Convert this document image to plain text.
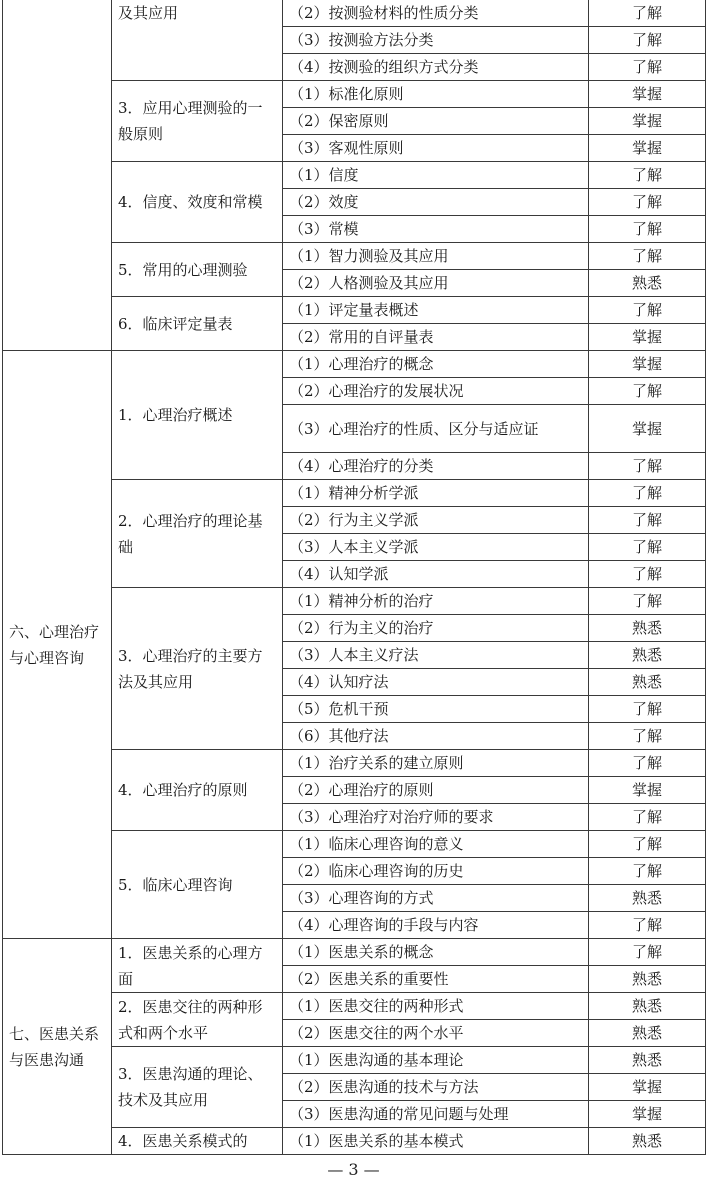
	及其应用	（2）按测验材料的性质分类	了解
		（3）按测验方法分类	了解
		（4）按测验的组织方式分类	了解
	3．应用心理测验的一般原则	（1）标准化原则	掌握
		（2）保密原则	掌握
		（3）客观性原则	掌握
	4．信度、效度和常模	（1）信度	了解
		（2）效度	了解
		（3）常模	了解
	5．常用的心理测验	（1）智力测验及其应用	了解
		（2）人格测验及其应用	熟悉
	6．临床评定量表	（1）评定量表概述	了解
		（2）常用的自评量表	掌握
六、心理治疗与心理咨询	1．心理治疗概述	（1）心理治疗的概念	掌握
		（2）心理治疗的发展状况	了解
		（3）心理治疗的性质、区分与适应证	掌握
		（4）心理治疗的分类	了解
	2．心理治疗的理论基础	（1）精神分析学派	了解
		（2）行为主义学派	了解
		（3）人本主义学派	了解
		（4）认知学派	了解
	3．心理治疗的主要方法及其应用	（1）精神分析的治疗	了解
		（2）行为主义的治疗	熟悉
		（3）人本主义疗法	熟悉
		（4）认知疗法	熟悉
		（5）危机干预	了解
		（6）其他疗法	了解
	4．心理治疗的原则	（1）治疗关系的建立原则	了解
		（2）心理治疗的原则	掌握
		（3）心理治疗对治疗师的要求	了解
	5．临床心理咨询	（1）临床心理咨询的意义	了解
		（2）临床心理咨询的历史	了解
		（3）心理咨询的方式	熟悉
		（4）心理咨询的手段与内容	了解
七、医患关系与医患沟通	1．医患关系的心理方面	（1）医患关系的概念	了解
		（2）医患关系的重要性	熟悉
	2．医患交往的两种形式和两个水平	（1）医患交往的两种形式	熟悉
		（2）医患交往的两个水平	熟悉
	3．医患沟通的理论、技术及其应用	（1）医患沟通的基本理论	熟悉
		（2）医患沟通的技术与方法	掌握
		（3）医患沟通的常见问题与处理	掌握
	4．医患关系模式的	（1）医患关系的基本模式	熟悉
— 3 —
